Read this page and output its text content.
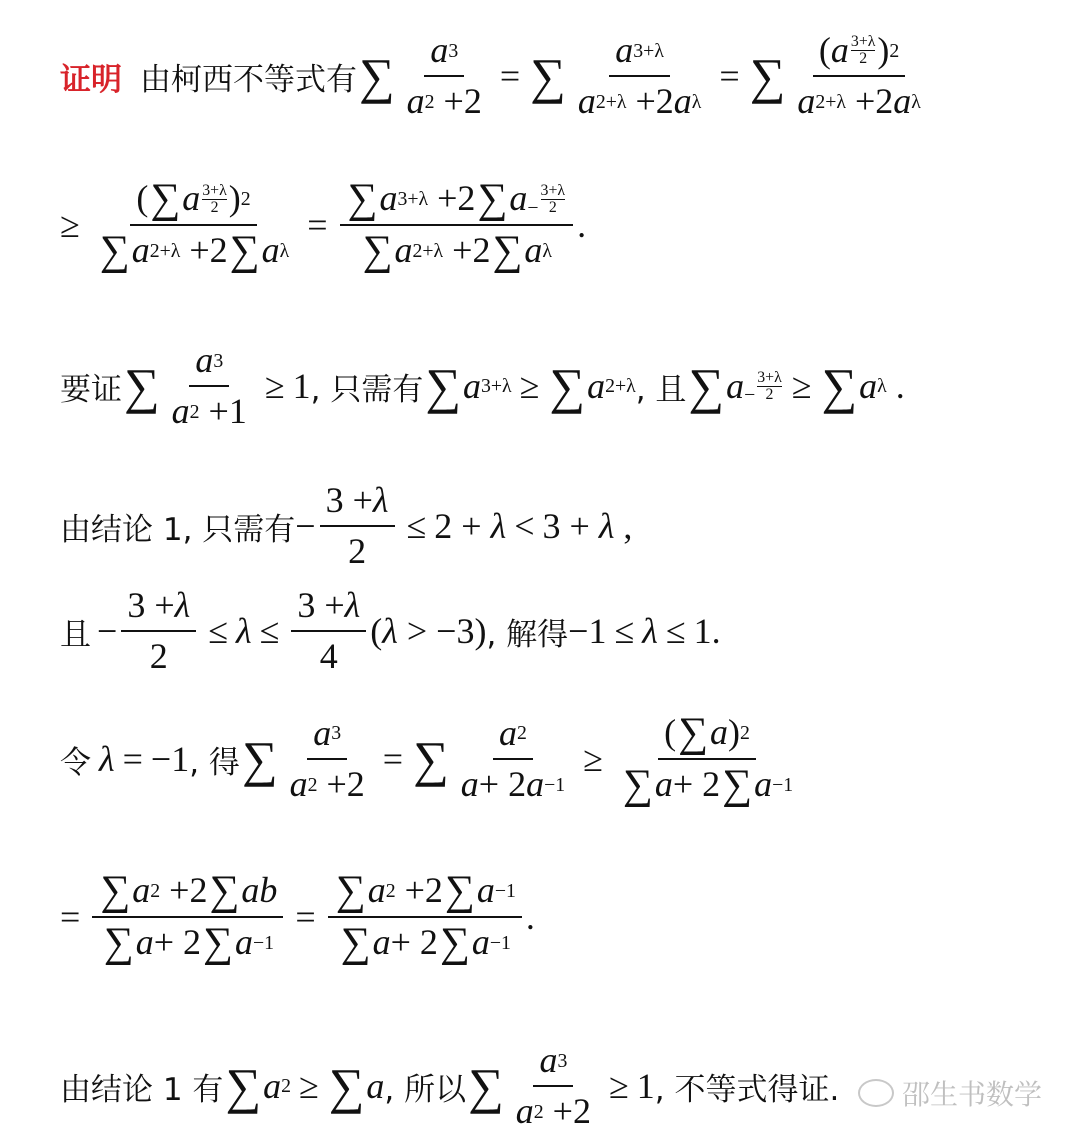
证明 由柯西不等式有 ∑ $\frac{a 3}{a 2 +2}$ = ∑ $\frac{a 3+\lambda}{\text{a 2+λ +2 a λ}}$ = ∑ $\frac{( a \frac{3+\lambda}{2} ) 2}{\text{a 2+λ +2 a λ}}$
≥ $\frac{( \sum a \frac{3+\lambda}{2} ) 2}{\text{∑ a 2+λ +2 ∑ a λ}} = \frac{\sum a 3+\lambda +2 \sum a - \frac{3+\lambda}{2}}{\text{∑ a 2+λ +2 ∑ a λ}}$ .
要证 ∑ $\frac{a 3}{a 2 +1} \ge 1$ , 只需有 ∑ a 3+λ ≥ ∑ a 2+λ , 且 ∑ $a - \frac{3+\lambda}{2}$ ≥ ∑ a λ .
由结论 1, 只需有 − $\frac{3 + \lambda}{2} \le 2 + \lambda < 3 + \lambda$ ,
且 − $\frac{3 + \lambda}{2} \le \lambda \le \frac{3 + \lambda}{4} (\lambda > -3)$ , 解得 −1 ≤ λ ≤ 1.
令 λ = −1 , 得 ∑ $\frac{a 3}{a 2 +2}$ = ∑ $\frac{a 2}{a + 2 a -1} \ge \frac{( \sum a ) 2}{\sum a + 2 \sum a -1}$
= $\frac{\sum a 2 +2 \sum ab}{\sum a + 2 \sum a -1} = \frac{\sum a 2 +2 \sum a -1}{\sum a + 2 \sum a -1}$ .
由结论 1 有 ∑ a 2 ≥ ∑ a , 所以 ∑ $\frac{a 3}{a 2 +2} \ge 1$ , 不等式得证. 邵生书数学
